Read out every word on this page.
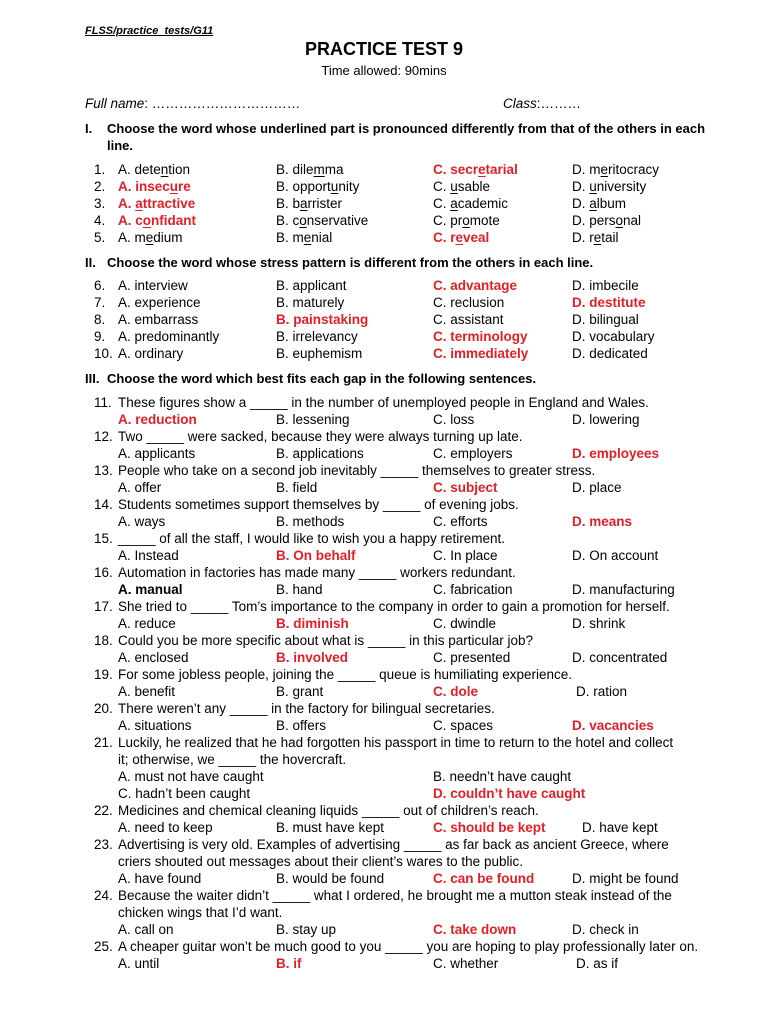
FLSS/practice_tests/G11
PRACTICE TEST 9
Time allowed: 90mins
Full name: ……………………………	Class:………
I. Choose the word whose underlined part is pronounced differently from that of the others in each line.
1. A. detention	B. dilemma	C. secretarial	D. meritocracy
2. A. insecure	B. opportunity	C. usable	D. university
3. A. attractive	B. barrister	C. academic	D. album
4. A. confidant	B. conservative	C. promote	D. personal
5. A. medium	B. menial	C. reveal	D. retail
II. Choose the word whose stress pattern is different from the others in each line.
6. A. interview	B. applicant	C. advantage	D. imbecile
7. A. experience	B. maturely	C. reclusion	D. destitute
8. A. embarrass	B. painstaking	C. assistant	D. bilingual
9. A. predominantly	B. irrelevancy	C. terminology	D. vocabulary
10. A. ordinary	B. euphemism	C. immediately	D. dedicated
III. Choose the word which best fits each gap in the following sentences.
11. These figures show a _____ in the number of unemployed people in England and Wales.
A. reduction	B. lessening	C. loss	D. lowering
12. Two _____ were sacked, because they were always turning up late.
A. applicants	B. applications	C. employers	D. employees
13. People who take on a second job inevitably _____ themselves to greater stress.
A. offer	B. field	C. subject	D. place
14. Students sometimes support themselves by _____ of evening jobs.
A. ways	B. methods	C. efforts	D. means
15. _____ of all the staff, I would like to wish you a happy retirement.
A. Instead	B. On behalf	C. In place	D. On account
16. Automation in factories has made many _____ workers redundant.
A. manual	B. hand	C. fabrication	D. manufacturing
17. She tried to _____ Tom’s importance to the company in order to gain a promotion for herself.
A. reduce	B. diminish	C. dwindle	D. shrink
18. Could you be more specific about what is _____ in this particular job?
A. enclosed	B. involved	C. presented	D. concentrated
19. For some jobless people, joining the _____ queue is humiliating experience.
A. benefit	B. grant	C. dole	D. ration
20. There weren’t any _____ in the factory for bilingual secretaries.
A. situations	B. offers	C. spaces	D. vacancies
21. Luckily, he realized that he had forgotten his passport in time to return to the hotel and collect
it; otherwise, we _____ the hovercraft.
A. must not have caught	B. needn’t have caught
C. hadn’t been caught	D. couldn’t have caught
22. Medicines and chemical cleaning liquids _____ out of children’s reach.
A. need to keep	B. must have kept	C. should be kept	D. have kept
23. Advertising is very old. Examples of advertising _____ as far back as ancient Greece, where
criers shouted out messages about their client’s wares to the public.
A. have found	B. would be found	C. can be found	D. might be found
24. Because the waiter didn’t _____ what I ordered, he brought me a mutton steak instead of the
chicken wings that I’d want.
A. call on	B. stay up	C. take down	D. check in
25. A cheaper guitar won’t be much good to you _____ you are hoping to play professionally later on.
A. until	B. if	C. whether	D. as if
